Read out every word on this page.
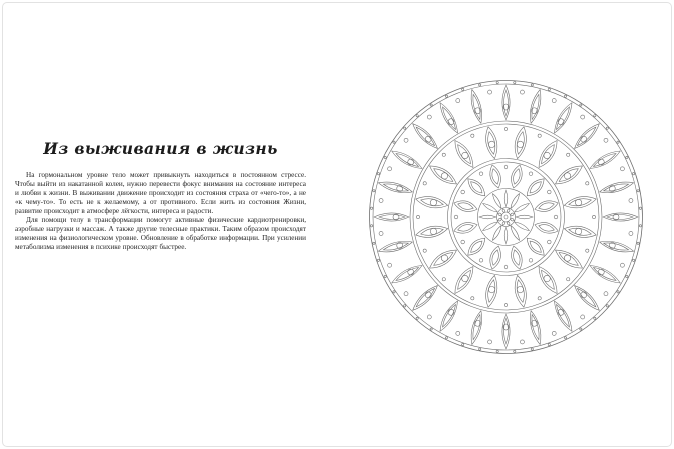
Из выживания в жизнь

На гормональном уровне тело может привыкнуть находиться в постоянном стрессе. Чтобы выйти из накатанной колеи, нужно перевести фокус внимания на состояние интереса и любви к жизни. В выживании движение происходит из состояния страха от «чего-то», а не «к чему-то». То есть не к желаемому, а от противного. Если жить из состояния Жизни, развитие происходит в атмосфере лёгкости, интереса и радости.

Для помощи телу в трансформации помогут активные физические кардиотренировки, аэробные нагрузки и массаж. А также другие телесные практики. Таким образом происходят изменения на физиологическом уровне. Обновление в обработке информации. При усилении метаболизма изменения в психике происходят быстрее.
